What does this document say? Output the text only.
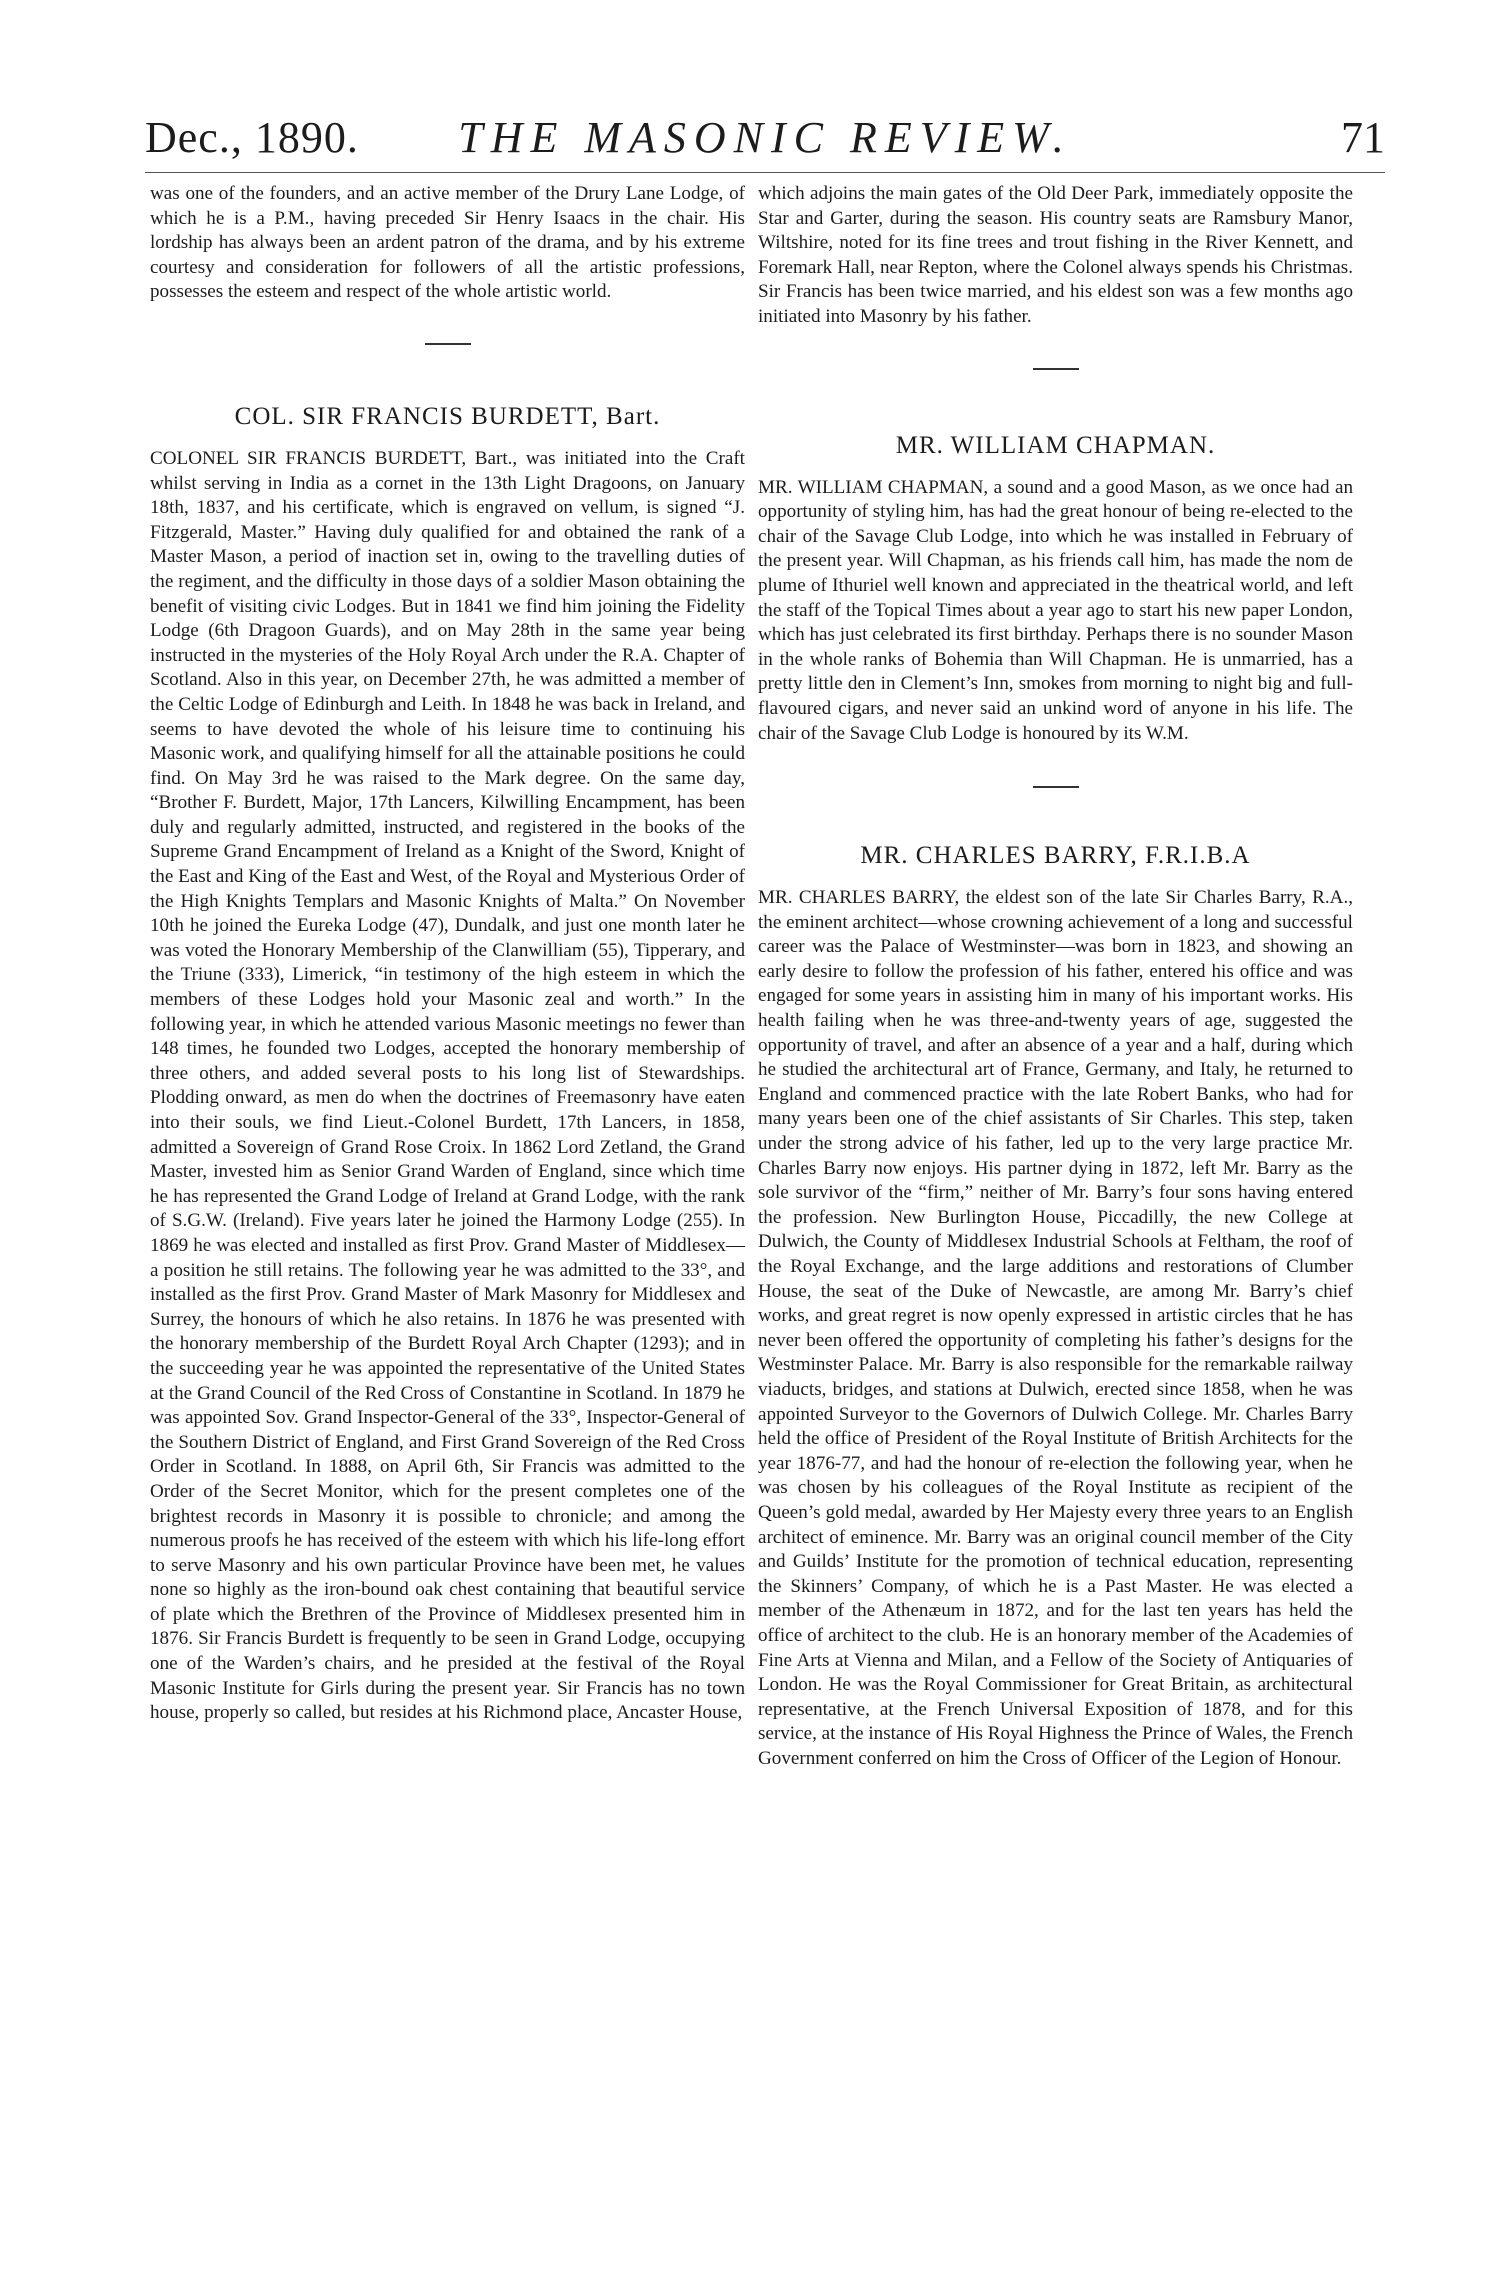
Dec., 1890.	THE MASONIC REVIEW.	71

was one of the founders, and an active member of the Drury Lane Lodge, of which he is a P.M., having preceded Sir Henry Isaacs in the chair. His lordship has always been an ardent patron of the drama, and by his extreme courtesy and consideration for followers of all the artistic professions, possesses the esteem and respect of the whole artistic world.

COL. SIR FRANCIS BURDETT, Bart.

COLONEL SIR FRANCIS BURDETT, Bart., was initiated into the Craft whilst serving in India as a cornet in the 13th Light Dragoons, on January 18th, 1837, and his certificate, which is engraved on vellum, is signed “J. Fitzgerald, Master.” Having duly qualified for and obtained the rank of a Master Mason, a period of inaction set in, owing to the travelling duties of the regiment, and the difficulty in those days of a soldier Mason obtaining the benefit of visiting civic Lodges. But in 1841 we find him joining the Fidelity Lodge (6th Dragoon Guards), and on May 28th in the same year being instructed in the mysteries of the Holy Royal Arch under the R.A. Chapter of Scotland. Also in this year, on December 27th, he was admitted a member of the Celtic Lodge of Edinburgh and Leith. In 1848 he was back in Ireland, and seems to have devoted the whole of his leisure time to continuing his Masonic work, and qualifying himself for all the attainable positions he could find. On May 3rd he was raised to the Mark degree. On the same day, “Brother F. Burdett, Major, 17th Lancers, Kilwilling Encampment, has been duly and regularly admitted, instructed, and registered in the books of the Supreme Grand Encampment of Ireland as a Knight of the Sword, Knight of the East and King of the East and West, of the Royal and Mysterious Order of the High Knights Templars and Masonic Knights of Malta.” On November 10th he joined the Eureka Lodge (47), Dundalk, and just one month later he was voted the Honorary Membership of the Clanwilliam (55), Tipperary, and the Triune (333), Limerick, “in testimony of the high esteem in which the members of these Lodges hold your Masonic zeal and worth.” In the following year, in which he attended various Masonic meetings no fewer than 148 times, he founded two Lodges, accepted the honorary membership of three others, and added several posts to his long list of Stewardships. Plodding onward, as men do when the doctrines of Freemasonry have eaten into their souls, we find Lieut.-Colonel Burdett, 17th Lancers, in 1858, admitted a Sovereign of Grand Rose Croix. In 1862 Lord Zetland, the Grand Master, invested him as Senior Grand Warden of England, since which time he has represented the Grand Lodge of Ireland at Grand Lodge, with the rank of S.G.W. (Ireland). Five years later he joined the Harmony Lodge (255). In 1869 he was elected and installed as first Prov. Grand Master of Middlesex—a position he still retains. The following year he was admitted to the 33°, and installed as the first Prov. Grand Master of Mark Masonry for Middlesex and Surrey, the honours of which he also retains. In 1876 he was presented with the honorary membership of the Burdett Royal Arch Chapter (1293); and in the succeeding year he was appointed the representative of the United States at the Grand Council of the Red Cross of Constantine in Scotland. In 1879 he was appointed Sov. Grand Inspector-General of the 33°, Inspector-General of the Southern District of England, and First Grand Sovereign of the Red Cross Order in Scotland. In 1888, on April 6th, Sir Francis was admitted to the Order of the Secret Monitor, which for the present completes one of the brightest records in Masonry it is possible to chronicle; and among the numerous proofs he has received of the esteem with which his life-long effort to serve Masonry and his own particular Province have been met, he values none so highly as the iron-bound oak chest containing that beautiful service of plate which the Brethren of the Province of Middlesex presented him in 1876. Sir Francis Burdett is frequently to be seen in Grand Lodge, occupying one of the Warden’s chairs, and he presided at the festival of the Royal Masonic Institute for Girls during the present year. Sir Francis has no town house, properly so called, but resides at his Richmond place, Ancaster House,

which adjoins the main gates of the Old Deer Park, immediately opposite the Star and Garter, during the season. His country seats are Ramsbury Manor, Wiltshire, noted for its fine trees and trout fishing in the River Kennett, and Foremark Hall, near Repton, where the Colonel always spends his Christmas. Sir Francis has been twice married, and his eldest son was a few months ago initiated into Masonry by his father.

MR. WILLIAM CHAPMAN.

MR. WILLIAM CHAPMAN, a sound and a good Mason, as we once had an opportunity of styling him, has had the great honour of being re-elected to the chair of the Savage Club Lodge, into which he was installed in February of the present year. Will Chapman, as his friends call him, has made the nom de plume of Ithuriel well known and appreciated in the theatrical world, and left the staff of the Topical Times about a year ago to start his new paper London, which has just celebrated its first birthday. Perhaps there is no sounder Mason in the whole ranks of Bohemia than Will Chapman. He is unmarried, has a pretty little den in Clement’s Inn, smokes from morning to night big and full-flavoured cigars, and never said an unkind word of anyone in his life. The chair of the Savage Club Lodge is honoured by its W.M.

MR. CHARLES BARRY, F.R.I.B.A

MR. CHARLES BARRY, the eldest son of the late Sir Charles Barry, R.A., the eminent architect—whose crowning achievement of a long and successful career was the Palace of Westminster—was born in 1823, and showing an early desire to follow the profession of his father, entered his office and was engaged for some years in assisting him in many of his important works. His health failing when he was three-and-twenty years of age, suggested the opportunity of travel, and after an absence of a year and a half, during which he studied the architectural art of France, Germany, and Italy, he returned to England and commenced practice with the late Robert Banks, who had for many years been one of the chief assistants of Sir Charles. This step, taken under the strong advice of his father, led up to the very large practice Mr. Charles Barry now enjoys. His partner dying in 1872, left Mr. Barry as the sole survivor of the “firm,” neither of Mr. Barry’s four sons having entered the profession. New Burlington House, Piccadilly, the new College at Dulwich, the County of Middlesex Industrial Schools at Feltham, the roof of the Royal Exchange, and the large additions and restorations of Clumber House, the seat of the Duke of Newcastle, are among Mr. Barry’s chief works, and great regret is now openly expressed in artistic circles that he has never been offered the opportunity of completing his father’s designs for the Westminster Palace. Mr. Barry is also responsible for the remarkable railway viaducts, bridges, and stations at Dulwich, erected since 1858, when he was appointed Surveyor to the Governors of Dulwich College. Mr. Charles Barry held the office of President of the Royal Institute of British Architects for the year 1876-77, and had the honour of re-election the following year, when he was chosen by his colleagues of the Royal Institute as recipient of the Queen’s gold medal, awarded by Her Majesty every three years to an English architect of eminence. Mr. Barry was an original council member of the City and Guilds’ Institute for the promotion of technical education, representing the Skinners’ Company, of which he is a Past Master. He was elected a member of the Athenæum in 1872, and for the last ten years has held the office of architect to the club. He is an honorary member of the Academies of Fine Arts at Vienna and Milan, and a Fellow of the Society of Antiquaries of London. He was the Royal Commissioner for Great Britain, as architectural representative, at the French Universal Exposition of 1878, and for this service, at the instance of His Royal Highness the Prince of Wales, the French Government conferred on him the Cross of Officer of the Legion of Honour.
